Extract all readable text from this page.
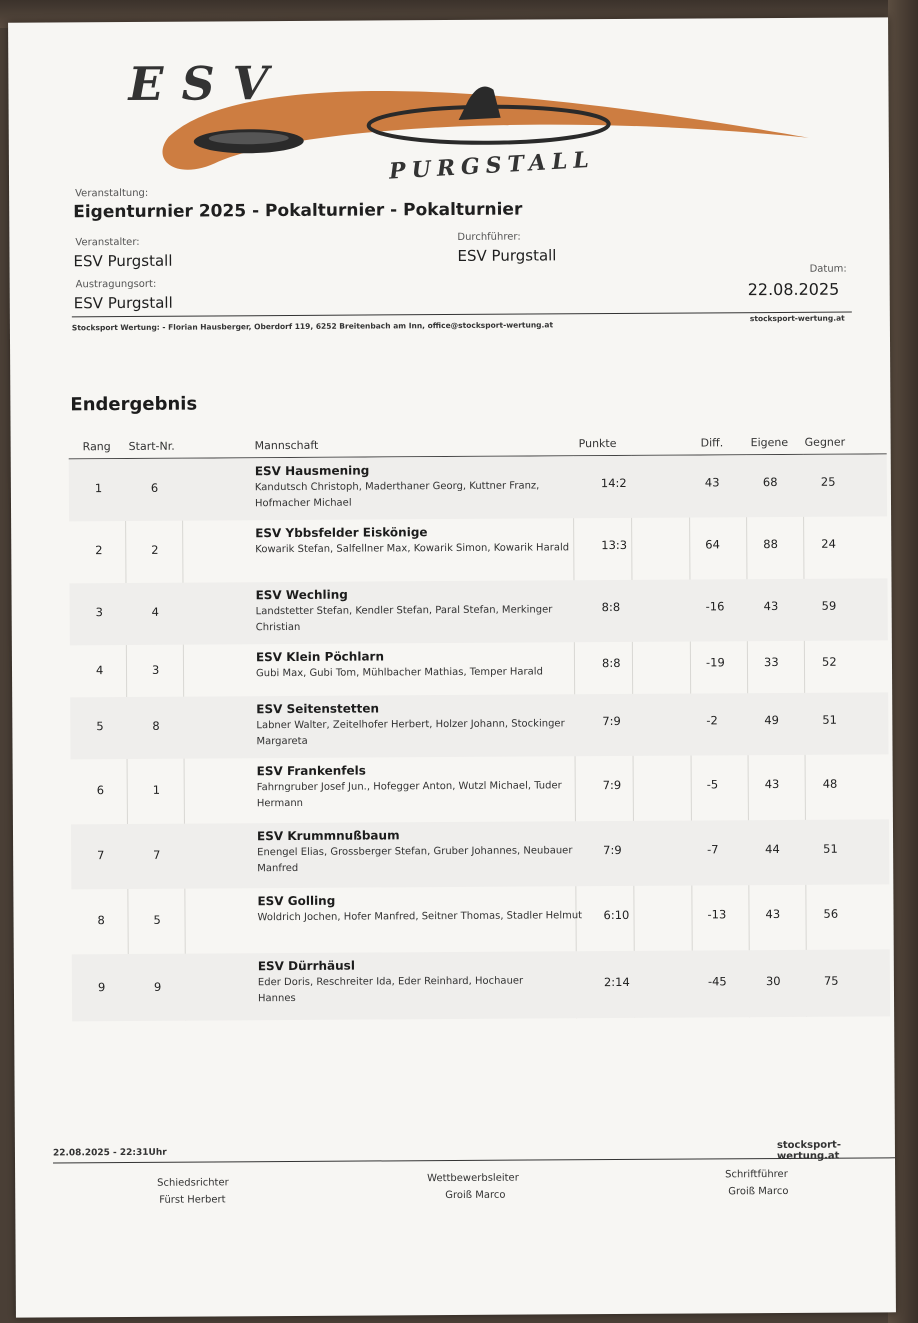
ESV
PURGSTALL
Veranstaltung:
Eigenturnier 2025 - Pokalturnier - Pokalturnier
Veranstalter:
ESV Purgstall
Durchführer:
ESV Purgstall
Austragungsort:
ESV Purgstall
Datum:
22.08.2025
Stocksport Wertung: - Florian Hausberger, Oberdorf 119, 6252 Breitenbach am Inn, office@stocksport-wertung.at
stocksport-wertung.at
Endergebnis
Rang Start-Nr.	Mannschaft	Punkte	Diff. Eigene Gegner
1	6
ESV Hausmening
Kandutsch Christoph, Maderthaner Georg, Kuttner Franz, Hofmacher Michael
14:2	43	68	25
2	2
ESV Ybbsfelder Eiskönige
Kowarik Stefan, Salfellner Max, Kowarik Simon, Kowarik Harald	13:3	64	88	24
3	4
ESV Wechling
Landstetter Stefan, Kendler Stefan, Paral Stefan, Merkinger Christian
8:8	-16	43	59
4	3
ESV Klein Pöchlarn
Gubi Max, Gubi Tom, Mühlbacher Mathias, Temper Harald
8:8	-19	33	52
5	8
ESV Seitenstetten
Labner Walter, Zeitelhofer Herbert, Holzer Johann, Stockinger Margareta
7:9	-2	49	51
6	1
ESV Frankenfels
Fahrngruber Josef Jun., Hofegger Anton, Wutzl Michael, Tuder Hermann
7:9	-5	43	48
7	7
ESV Krummnußbaum
Enengel Elias, Grossberger Stefan, Gruber Johannes, Neubauer Manfred
7:9	-7	44	51
8	5
ESV Golling
Woldrich Jochen, Hofer Manfred, Seitner Thomas, Stadler Helmut	6:10	-13	43	56
9	9
ESV Dürrhäusl
Eder Doris, Reschreiter Ida, Eder Reinhard, Hochauer Hannes
2:14	-45	30	75
22.08.2025 - 22:31Uhr
stocksport-wertung.at
Schiedsrichter
Fürst Herbert
Wettbewerbsleiter
Groiß Marco
Schriftführer
Groiß Marco
